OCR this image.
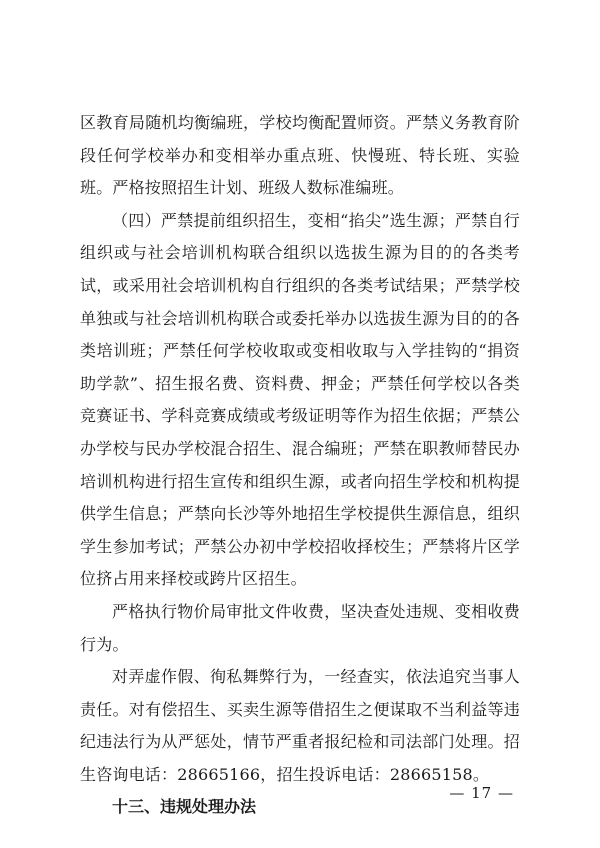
区教育局随机均衡编班，学校均衡配置师资。严禁义务教育阶段任何学校举办和变相举办重点班、快慢班、特长班、实验班。严格按照招生计划、班级人数标准编班。

（四）严禁提前组织招生，变相“掐尖”选生源；严禁自行组织或与社会培训机构联合组织以选拔生源为目的的各类考试，或采用社会培训机构自行组织的各类考试结果；严禁学校单独或与社会培训机构联合或委托举办以选拔生源为目的的各类培训班；严禁任何学校收取或变相收取与入学挂钩的“捐资助学款”、招生报名费、资料费、押金；严禁任何学校以各类竞赛证书、学科竞赛成绩或考级证明等作为招生依据；严禁公办学校与民办学校混合招生、混合编班；严禁在职教师替民办培训机构进行招生宣传和组织生源，或者向招生学校和机构提供学生信息；严禁向长沙等外地招生学校提供生源信息，组织学生参加考试；严禁公办初中学校招收择校生；严禁将片区学位挤占用来择校或跨片区招生。

严格执行物价局审批文件收费，坚决查处违规、变相收费行为。

对弄虚作假、徇私舞弊行为，一经查实，依法追究当事人责任。对有偿招生、买卖生源等借招生之便谋取不当利益等违纪违法行为从严惩处，情节严重者报纪检和司法部门处理。招生咨询电话：28665166，招生投诉电话：28665158。

十三、违规处理办法

— 17 —
